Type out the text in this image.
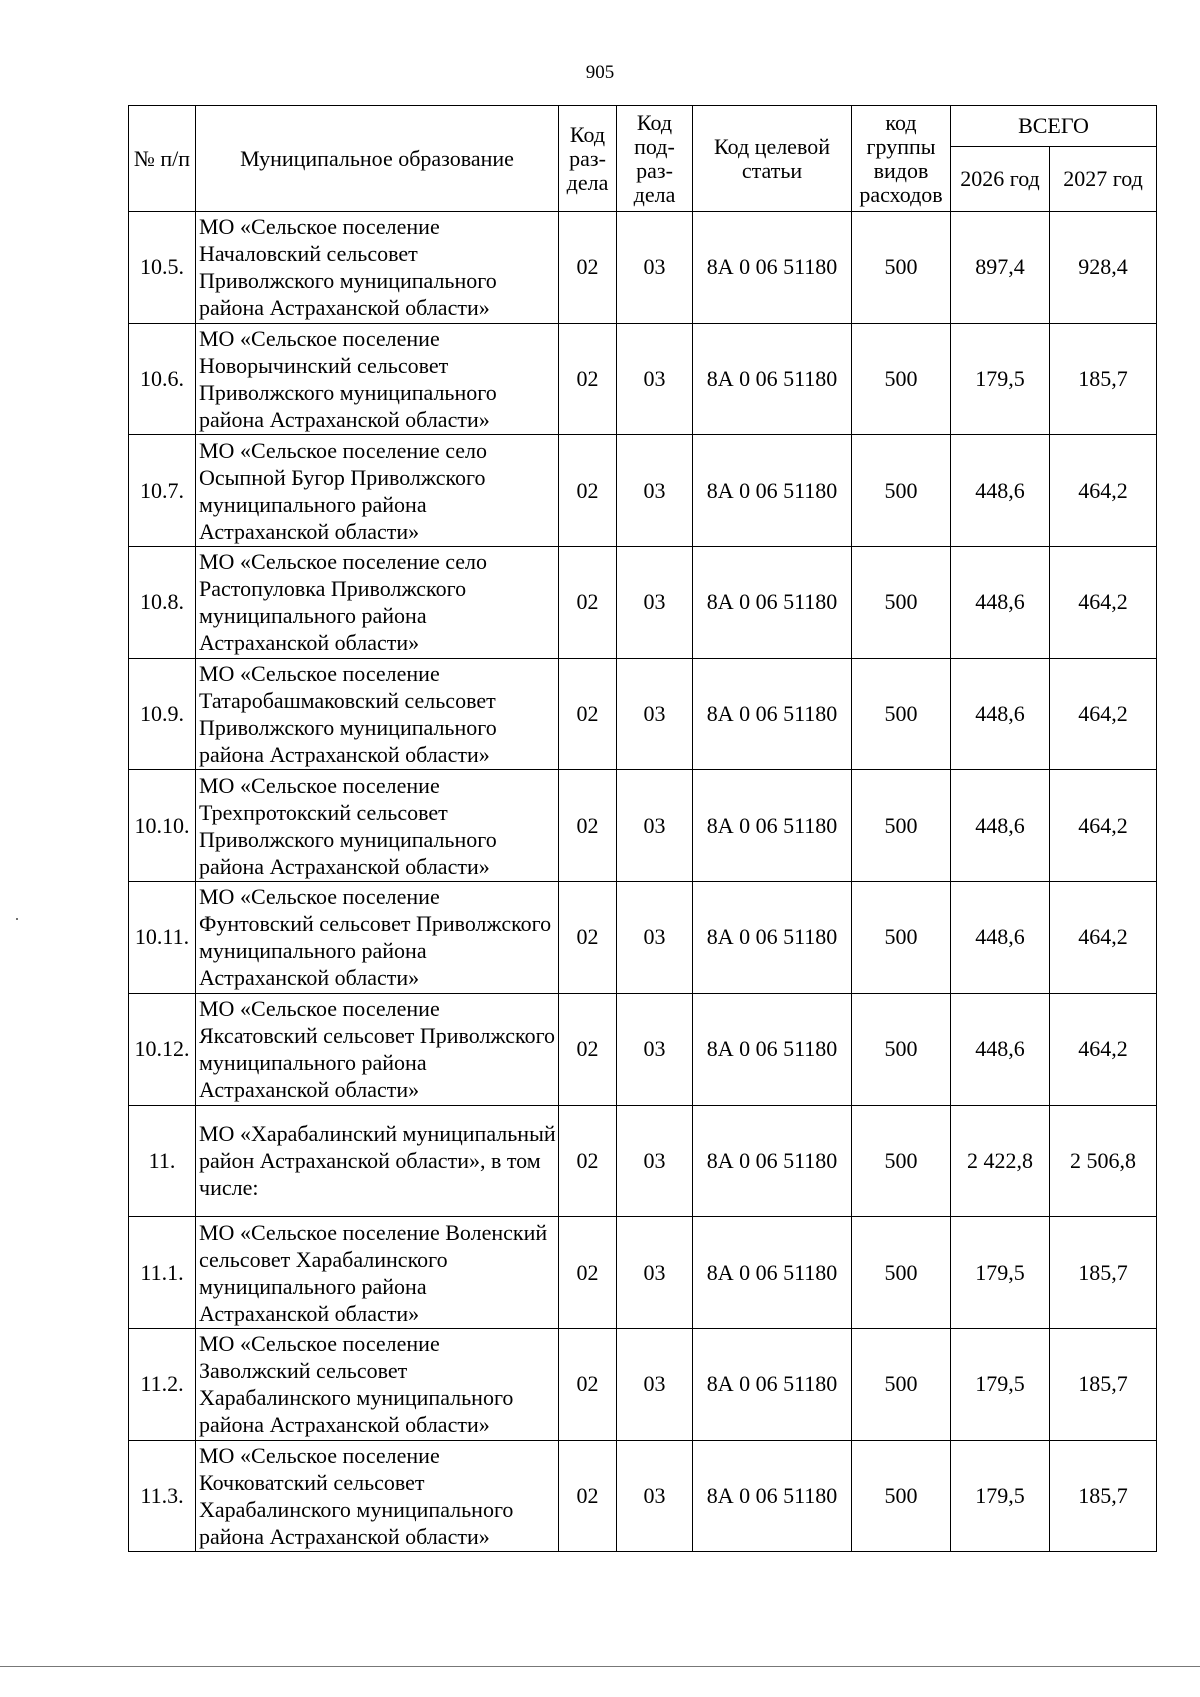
905
№ п/п	Муниципальное образование	Код раз-дела	Код под-раз-дела	Код целевой статьи	код группы видов расходов	ВСЕГО	
						2026 год	2027 год
10.5.	МО «Сельское поселение Началовский сельсовет Приволжского муниципального района Астраханской области»	02	03	8А 0 06 51180	500	897,4	928,4
10.6.	МО «Сельское поселение Новорычинский сельсовет Приволжского муниципального района Астраханской области»	02	03	8А 0 06 51180	500	179,5	185,7
10.7.	МО «Сельское поселение село Осыпной Бугор Приволжского муниципального района Астраханской области»	02	03	8А 0 06 51180	500	448,6	464,2
10.8.	МО «Сельское поселение село Растопуловка Приволжского муниципального района Астраханской области»	02	03	8А 0 06 51180	500	448,6	464,2
10.9.	МО «Сельское поселение Татаробашмаковский сельсовет Приволжского муниципального района Астраханской области»	02	03	8А 0 06 51180	500	448,6	464,2
10.10.	МО «Сельское поселение Трехпротокский сельсовет Приволжского муниципального района Астраханской области»	02	03	8А 0 06 51180	500	448,6	464,2
10.11.	МО «Сельское поселение Фунтовский сельсовет Приволжского муниципального района Астраханской области»	02	03	8А 0 06 51180	500	448,6	464,2
10.12.	МО «Сельское поселение Яксатовский сельсовет Приволжского муниципального района Астраханской области»	02	03	8А 0 06 51180	500	448,6	464,2
11.	МО «Харабалинский муниципальный район Астраханской области», в том числе:	02	03	8А 0 06 51180	500	2 422,8	2 506,8
11.1.	МО «Сельское поселение Воленский сельсовет Харабалинского муниципального района Астраханской области»	02	03	8А 0 06 51180	500	179,5	185,7
11.2.	МО «Сельское поселение Заволжский сельсовет Харабалинского муниципального района Астраханской области»	02	03	8А 0 06 51180	500	179,5	185,7
11.3.	МО «Сельское поселение Кочковатский сельсовет Харабалинского муниципального района Астраханской области»	02	03	8А 0 06 51180	500	179,5	185,7
